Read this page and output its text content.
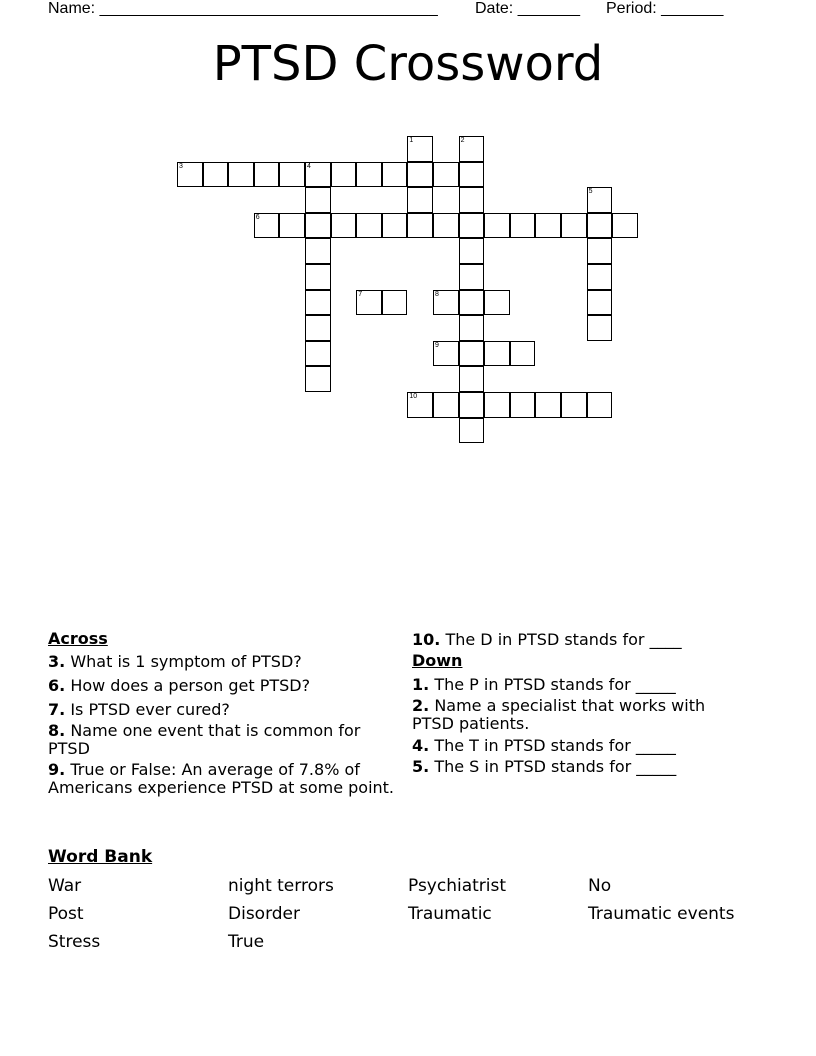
Name: ______________________________________ Date: _______ Period: _______
PTSD Crossword
3	4
6
7	8
9
10
1	2
5
Across
3. What is 1 symptom of PTSD?
6. How does a person get PTSD?
7. Is PTSD ever cured?
8. Name one event that is common for PTSD
9. True or False: An average of 7.8% of Americans experience PTSD at some point.
10. The D in PTSD stands for ____
Down
1. The P in PTSD stands for _____
2. Name a specialist that works with PTSD patients.
4. The T in PTSD stands for _____
5. The S in PTSD stands for _____
Word Bank
War	night terrors	Psychiatrist	No
Post	Disorder	Traumatic	Traumatic events
Stress	True
